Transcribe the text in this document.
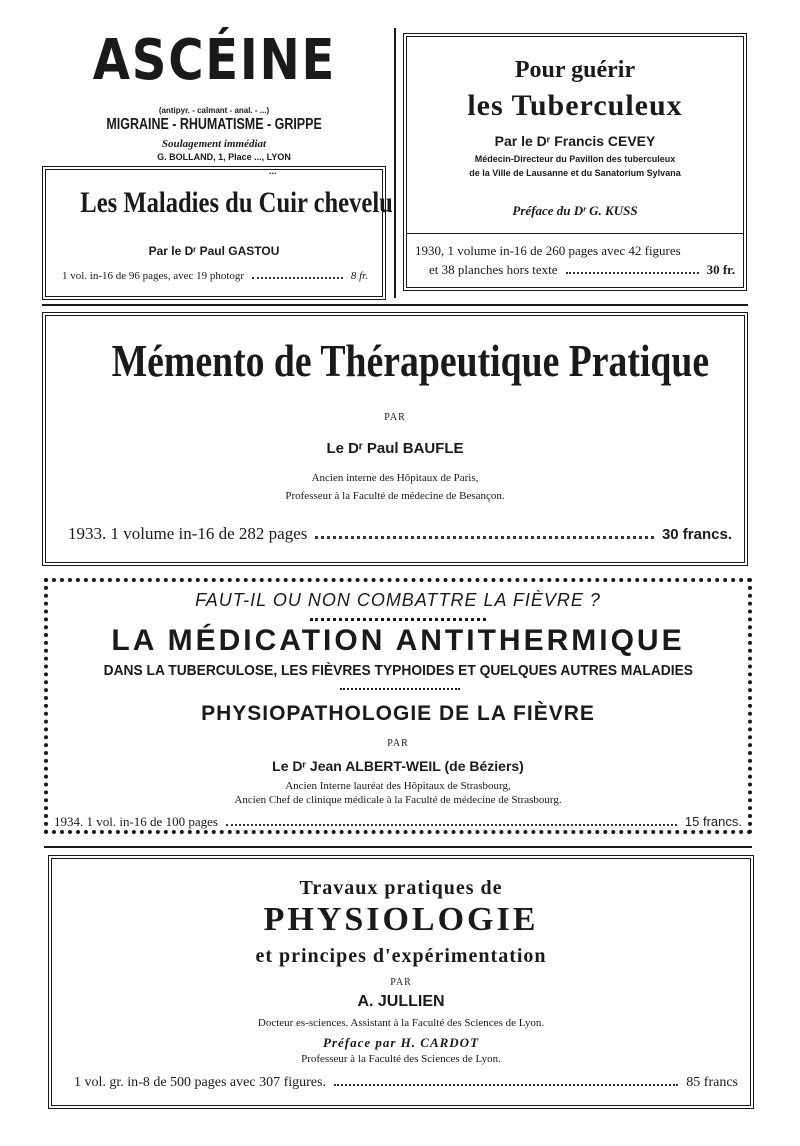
ASCÉINE
(antipyr. - calmant - anal. - ...)
MIGRAINE - RHUMATISME - GRIPPE
Soulagement immédiat
G. BOLLAND, 1, Place ..., LYON
...
Les Maladies du Cuir chevelu
Par le Dʳ Paul GASTOU
1 vol. in-16 de 96 pages, avec 19 photogr	8 fr.
Pour guérir
les Tuberculeux
Par le Dʳ Francis CEVEY
Médecin-Directeur du Pavillon des tuberculeux
de la Ville de Lausanne et du Sanatorium Sylvana
Préface du Dʳ G. KUSS
1930, 1 volume in-16 de 260 pages avec 42 figures
et 38 planches hors texte	30 fr.
Mémento de Thérapeutique Pratique
PAR
Le Dʳ Paul BAUFLE
Ancien interne des Hôpitaux de Paris,
Professeur à la Faculté de médecine de Besançon.
1933. 1 volume in-16 de 282 pages	30 francs.
FAUT-IL OU NON COMBATTRE LA FIÈVRE ?
LA MÉDICATION ANTITHERMIQUE
DANS LA TUBERCULOSE, LES FIÈVRES TYPHOIDES ET QUELQUES AUTRES MALADIES
PHYSIOPATHOLOGIE DE LA FIÈVRE
PAR
Le Dʳ Jean ALBERT-WEIL (de Béziers)
Ancien Interne lauréat des Hôpitaux de Strasbourg,
Ancien Chef de clinique médicale à la Faculté de médecine de Strasbourg.
1934. 1 vol. in-16 de 100 pages	15 francs.
Travaux pratiques de
PHYSIOLOGIE
et principes d'expérimentation
PAR
A. JULLIEN
Docteur es-sciences. Assistant à la Faculté des Sciences de Lyon.
Préface par H. CARDOT
Professeur à la Faculté des Sciences de Lyon.
1 vol. gr. in-8 de 500 pages avec 307 figures.	85 francs
